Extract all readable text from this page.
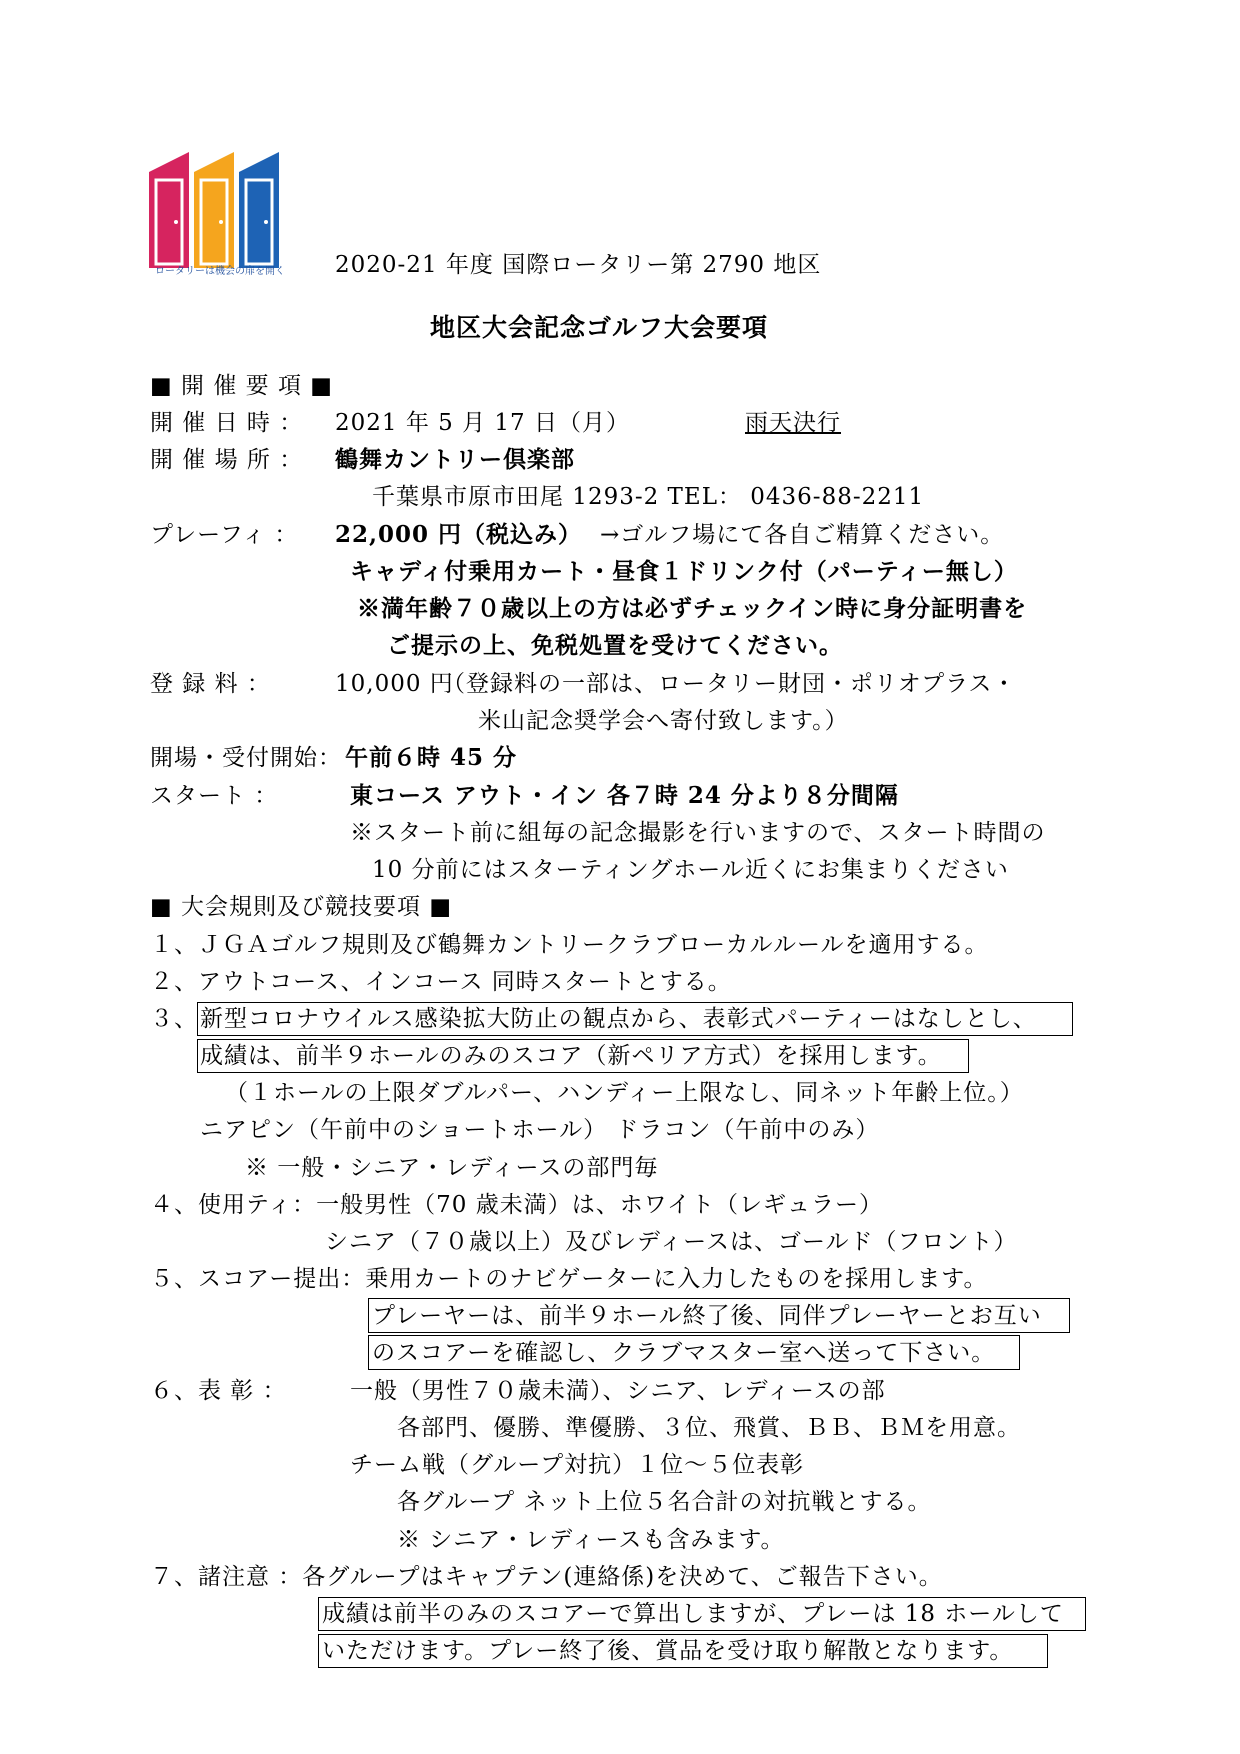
ロータリーは機会の扉を開く 2020-21 年度 国際ロータリー第 2790 地区
地区大会記念ゴルフ大会要項
■ 開 催 要 項 ■
開 催 日 時 ： 2021 年 5 月 17 日（月）	雨天決行
開 催 場 所 ： 鶴舞カントリー倶楽部
千葉県市原市田尾 1293-2 TEL： 0436-88-2211
プレーフィ ： 22,000 円（税込み） →ゴルフ場にて各自ご精算ください。
キャディ付乗用カート・昼食１ドリンク付（パーティー無し）
※満年齢７０歳以上の方は必ずチェックイン時に身分証明書を
ご提示の上、免税処置を受けてください。
登 録 料 ：	10,000 円
（登録料の一部は、ロータリー財団・ポリオプラス・
米山記念奨学会へ寄付致します。）
開場・受付開始： 午前６時 45 分
スタート ：	東コース アウト・イン 各７時 24 分より８分間隔
※スタート前に組毎の記念撮影を行いますので、スタート時間の
10 分前にはスターティングホール近くにお集まりください
■ 大会規則及び競技要項 ■
１、ＪＧＡゴルフ規則及び鶴舞カントリークラブローカルルールを適用する。
２、アウトコース、インコース 同時スタートとする。
３、 新型コロナウイルス感染拡大防止の観点から、表彰式パーティーはなしとし、
成績は、前半９ホールのみのスコア（新ペリア方式）を採用します。
（１ホールの上限ダブルパー、ハンディー上限なし、同ネット年齢上位。）
ニアピン（午前中のショートホール） ドラコン（午前中のみ）
※ 一般・シニア・レディースの部門毎
４、使用ティ：一般男性（70 歳未満）は、ホワイト（レギュラー）
シニア（７０歳以上）及びレディースは、ゴールド（フロント）
５、スコアー提出：乗用カートのナビゲーターに入力したものを採用します。
プレーヤーは、前半９ホール終了後、同伴プレーヤーとお互い
のスコアーを確認し、クラブマスター室へ送って下さい。
６、表 彰 ：	一般（男性７０歳未満）、シニア、レディースの部
各部門、優勝、準優勝、３位、飛賞、ＢＢ、ＢＭを用意。
チーム戦（グループ対抗）１位～５位表彰
各グループ ネット上位５名合計の対抗戦とする。
※ シニア・レディースも含みます。
７、諸注意 ：各グループはキャプテン(連絡係)を決めて、ご報告下さい。
成績は前半のみのスコアーで算出しますが、プレーは 18 ホールして
いただけます。プレー終了後、賞品を受け取り解散となります。
